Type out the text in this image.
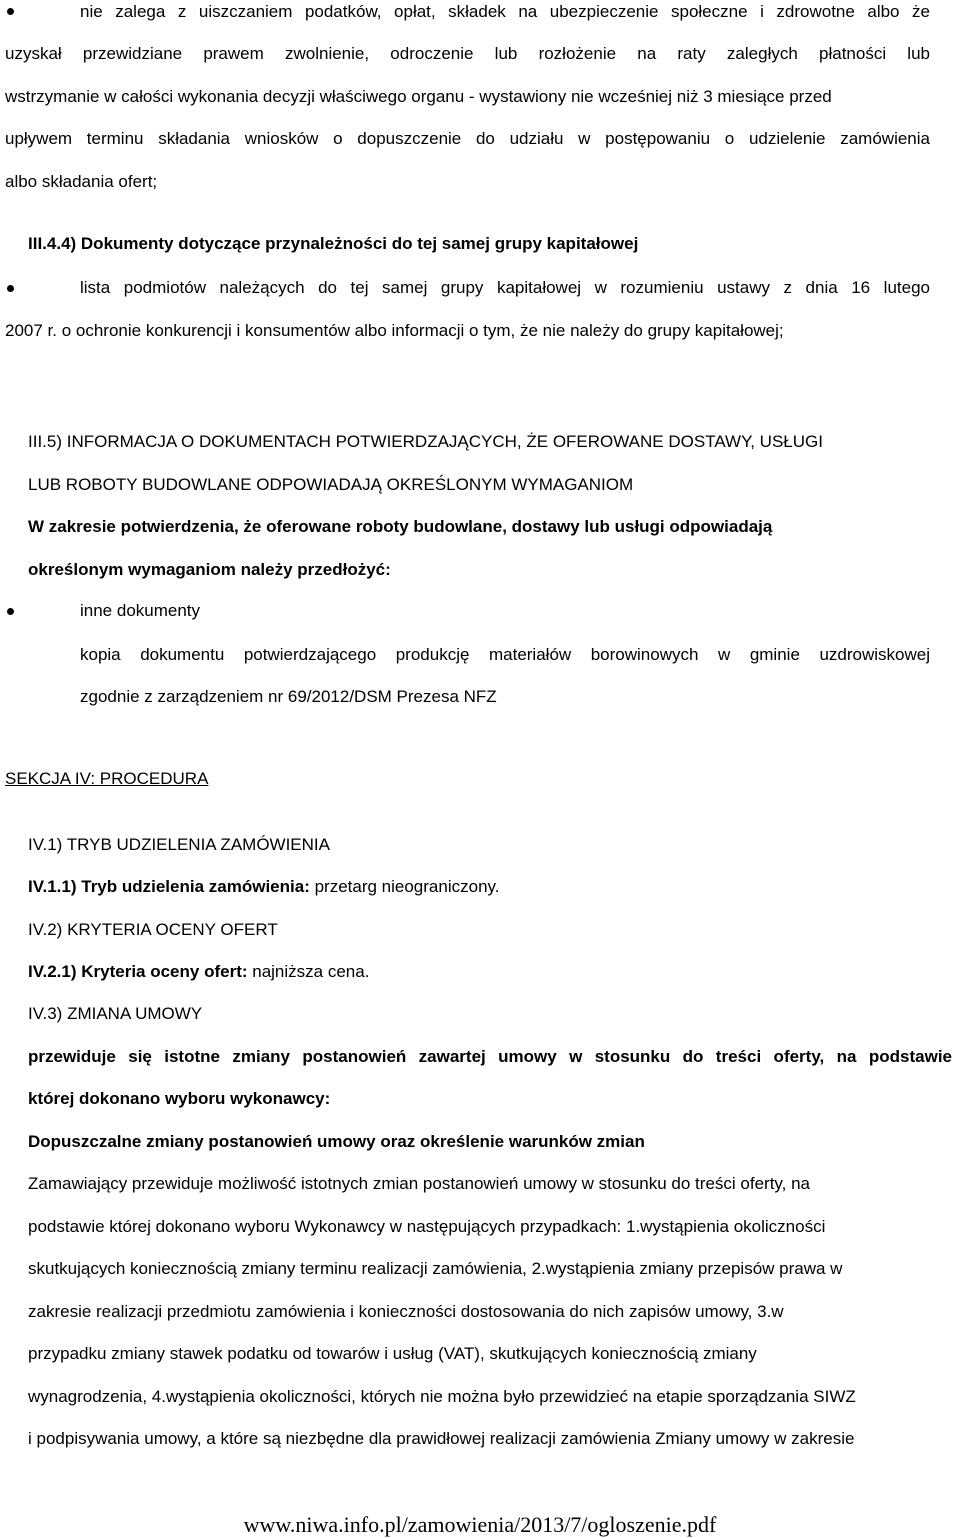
nie zalega z uiszczaniem podatków, opłat, składek na ubezpieczenie społeczne i zdrowotne albo że
uzyskał przewidziane prawem zwolnienie, odroczenie lub rozłożenie na raty zaległych płatności lub
wstrzymanie w całości wykonania decyzji właściwego organu - wystawiony nie wcześniej niż 3 miesiące przed
upływem terminu składania wniosków o dopuszczenie do udziału w postępowaniu o udzielenie zamówienia
albo składania ofert;
III.4.4) Dokumenty dotyczące przynależności do tej samej grupy kapitałowej
lista podmiotów należących do tej samej grupy kapitałowej w rozumieniu ustawy z dnia 16 lutego
2007 r. o ochronie konkurencji i konsumentów albo informacji o tym, że nie należy do grupy kapitałowej;
III.5) INFORMACJA O DOKUMENTACH POTWIERDZAJĄCYCH, ŻE OFEROWANE DOSTAWY, USŁUGI
LUB ROBOTY BUDOWLANE ODPOWIADAJĄ OKREŚLONYM WYMAGANIOM
W zakresie potwierdzenia, że oferowane roboty budowlane, dostawy lub usługi odpowiadają
określonym wymaganiom należy przedłożyć:
inne dokumenty
kopia dokumentu potwierdzającego produkcję materiałów borowinowych w gminie uzdrowiskowej
zgodnie z zarządzeniem nr 69/2012/DSM Prezesa NFZ
SEKCJA IV: PROCEDURA
IV.1) TRYB UDZIELENIA ZAMÓWIENIA
IV.1.1) Tryb udzielenia zamówienia: przetarg nieograniczony.
IV.2) KRYTERIA OCENY OFERT
IV.2.1) Kryteria oceny ofert: najniższa cena.
IV.3) ZMIANA UMOWY
przewiduje się istotne zmiany postanowień zawartej umowy w stosunku do treści oferty, na podstawie
której dokonano wyboru wykonawcy:
Dopuszczalne zmiany postanowień umowy oraz określenie warunków zmian
Zamawiający przewiduje możliwość istotnych zmian postanowień umowy w stosunku do treści oferty, na
podstawie której dokonano wyboru Wykonawcy w następujących przypadkach: 1.wystąpienia okoliczności
skutkujących koniecznością zmiany terminu realizacji zamówienia, 2.wystąpienia zmiany przepisów prawa w
zakresie realizacji przedmiotu zamówienia i konieczności dostosowania do nich zapisów umowy, 3.w
przypadku zmiany stawek podatku od towarów i usług (VAT), skutkujących koniecznością zmiany
wynagrodzenia, 4.wystąpienia okoliczności, których nie można było przewidzieć na etapie sporządzania SIWZ
i podpisywania umowy, a które są niezbędne dla prawidłowej realizacji zamówienia Zmiany umowy w zakresie
www.niwa.info.pl/zamowienia/2013/7/ogloszenie.pdf
